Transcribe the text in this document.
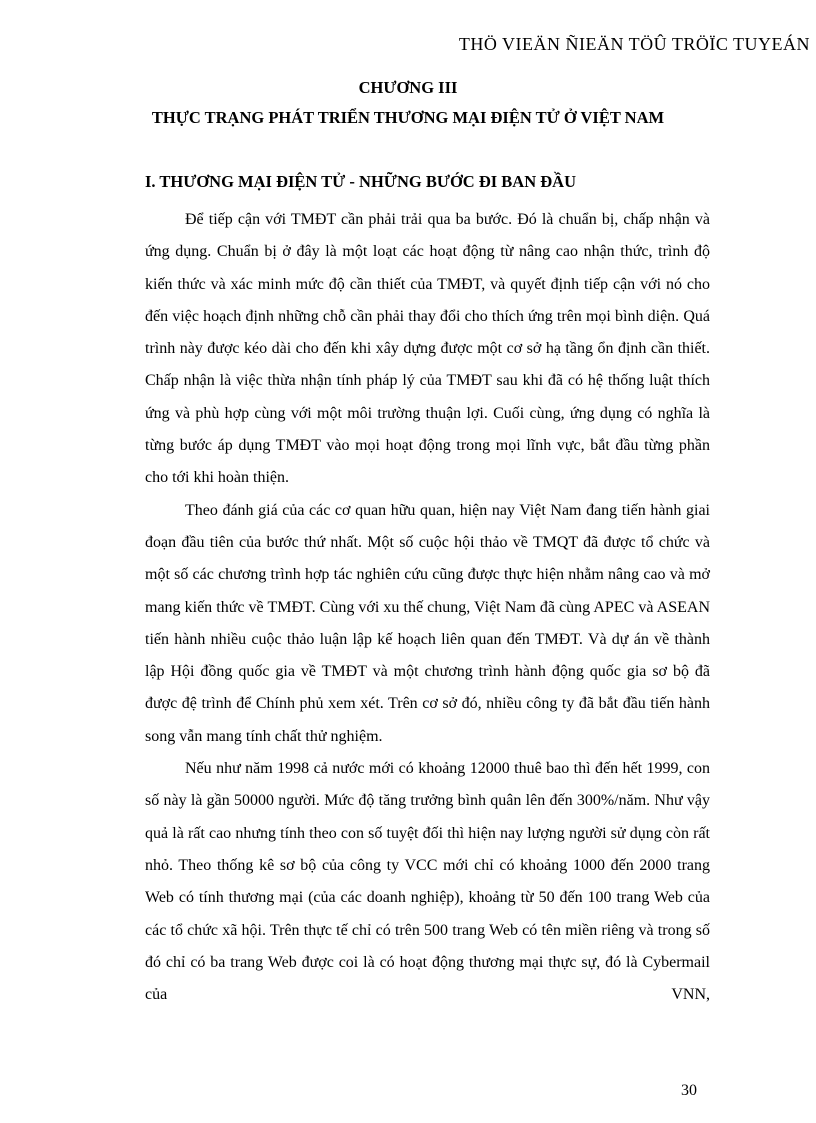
THÖ VIEÄN ÑIEÄN TÖÛ TRÖÏC TUYEÁN
CHƯƠNG III
THỰC TRẠNG PHÁT TRIỂN THƯƠNG MẠI ĐIỆN TỬ Ở VIỆT NAM
I. THƯƠNG MẠI ĐIỆN TỬ - NHỮNG BƯỚC ĐI BAN ĐẦU

Để tiếp cận với TMĐT cần phải trải qua ba bước. Đó là chuẩn bị, chấp nhận và ứng dụng. Chuẩn bị ở đây là một loạt các hoạt động từ nâng cao nhận thức, trình độ kiến thức và xác minh mức độ cần thiết của TMĐT, và quyết định tiếp cận với nó cho đến việc hoạch định những chỗ cần phải thay đổi cho thích ứng trên mọi bình diện. Quá trình này được kéo dài cho đến khi xây dựng được một cơ sở hạ tầng ổn định cần thiết. Chấp nhận là việc thừa nhận tính pháp lý của TMĐT sau khi đã có hệ thống luật thích ứng và phù hợp cùng với một môi trường thuận lợi. Cuối cùng, ứng dụng có nghĩa là từng bước áp dụng TMĐT vào mọi hoạt động trong mọi lĩnh vực, bắt đầu từng phần cho tới khi hoàn thiện.

Theo đánh giá của các cơ quan hữu quan, hiện nay Việt Nam đang tiến hành giai đoạn đầu tiên của bước thứ nhất. Một số cuộc hội thảo về TMQT đã được tổ chức và một số các chương trình hợp tác nghiên cứu cũng được thực hiện nhằm nâng cao và mở mang kiến thức về TMĐT. Cùng với xu thế chung, Việt Nam đã cùng APEC và ASEAN tiến hành nhiều cuộc thảo luận lập kế hoạch liên quan đến TMĐT. Và dự án về thành lập Hội đồng quốc gia về TMĐT và một chương trình hành động quốc gia sơ bộ đã được đệ trình để Chính phủ xem xét. Trên cơ sở đó, nhiều công ty đã bắt đầu tiến hành song vẫn mang tính chất thử nghiệm.

Nếu như năm 1998 cả nước mới có khoảng 12000 thuê bao thì đến hết 1999, con số này là gần 50000 người. Mức độ tăng trưởng bình quân lên đến 300%/năm. Như vậy quả là rất cao nhưng tính theo con số tuyệt đối thì hiện nay lượng người sử dụng còn rất nhỏ. Theo thống kê sơ bộ của công ty VCC mới chỉ có khoảng 1000 đến 2000 trang Web có tính thương mại (của các doanh nghiệp), khoảng từ 50 đến 100 trang Web của các tổ chức xã hội. Trên thực tế chỉ có trên 500 trang Web có tên miền riêng và trong số đó chỉ có ba trang Web được coi là có hoạt động thương mại thực sự, đó là Cybermail của VNN,

30
